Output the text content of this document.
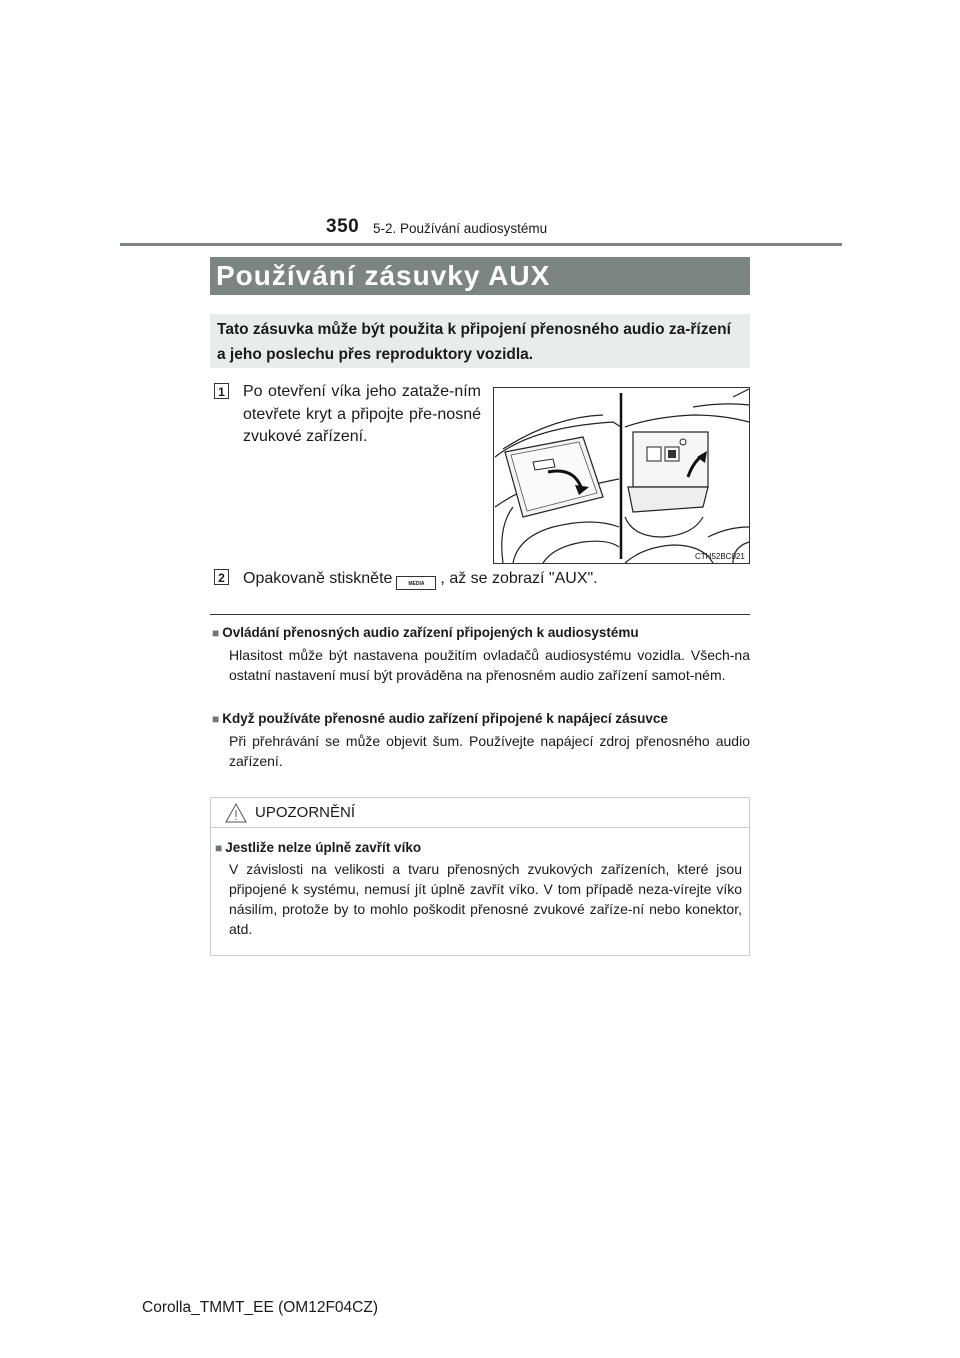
350 5-2. Používání audiosystému
Používání zásuvky AUX
Tato zásuvka může být použita k připojení přenosného audio za-řízení a jeho poslechu přes reproduktory vozidla.
1 Po otevření víka jeho zataže-ním otevřete kryt a připojte pře-nosné zvukové zařízení.
CTH52BC021
2 Opakovaně stiskněte	MEDIA , až se zobrazí "AUX".
■ Ovládání přenosných audio zařízení připojených k audiosystému
Hlasitost může být nastavena použitím ovladačů audiosystému vozidla. Všech-na ostatní nastavení musí být prováděna na přenosném audio zařízení samot-ném.
■ Když používáte přenosné audio zařízení připojené k napájecí zásuvce
Při přehrávání se může objevit šum. Používejte napájecí zdroj přenosného audio zařízení.
UPOZORNĚNÍ
■ Jestliže nelze úplně zavřít víko
V závislosti na velikosti a tvaru přenosných zvukových zařízeních, které jsou připojené k systému, nemusí jít úplně zavřít víko. V tom případě neza-vírejte víko násilím, protože by to mohlo poškodit přenosné zvukové zaříze-ní nebo konektor, atd.
Corolla_TMMT_EE (OM12F04CZ)
